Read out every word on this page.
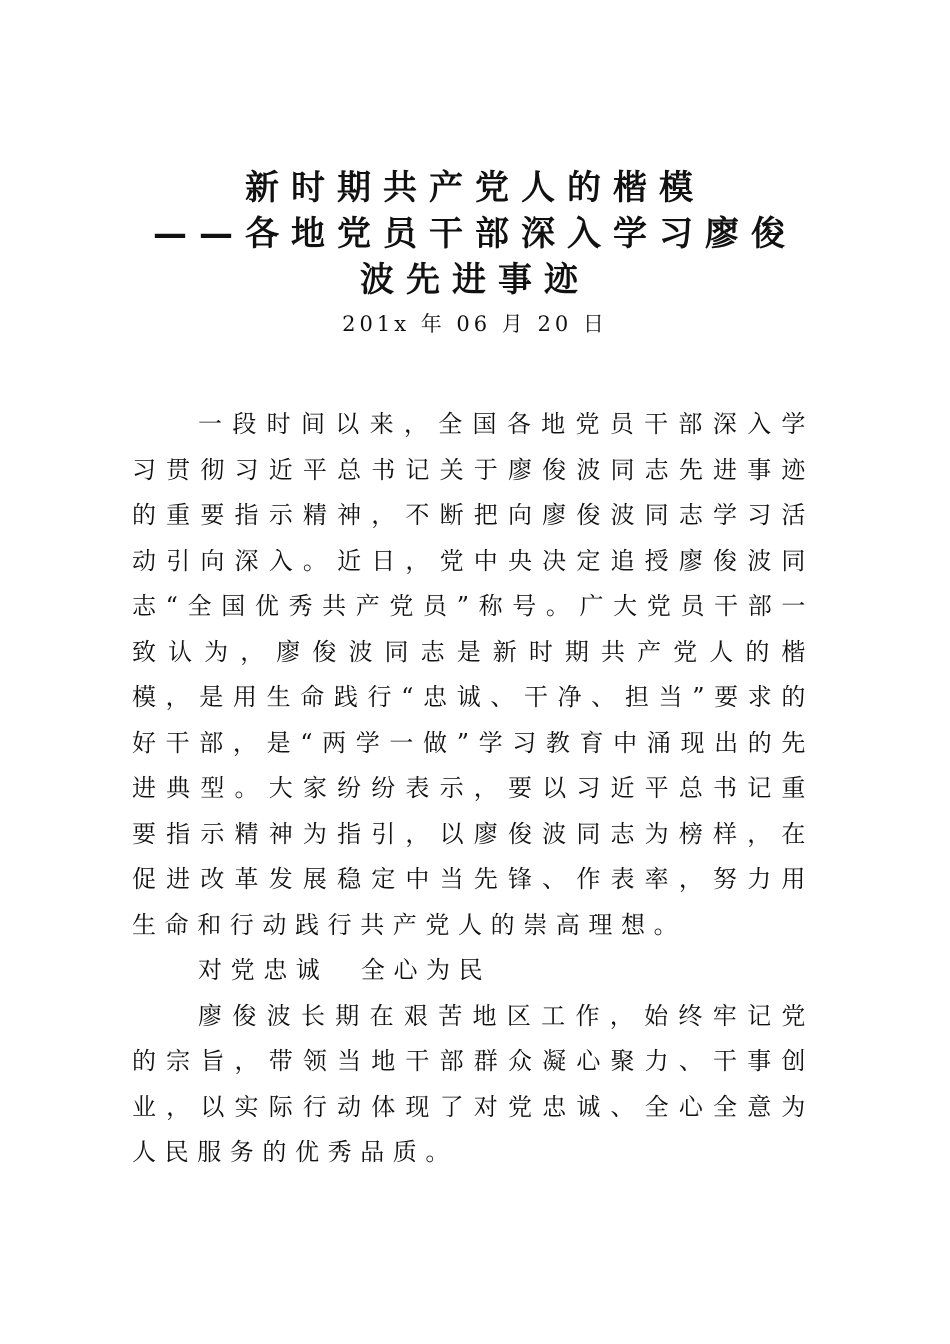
新时期共产党人的楷模
——各地党员干部深入学习廖俊
波先进事迹
201x 年 06 月 20 日

一段时间以来，全国各地党员干部深入学习贯彻习近平总书记关于廖俊波同志先进事迹的重要指示精神，不断把向廖俊波同志学习活动引向深入。近日，党中央决定追授廖俊波同志“全国优秀共产党员”称号。广大党员干部一致认为，廖俊波同志是新时期共产党人的楷模，是用生命践行“忠诚、干净、担当”要求的好干部，是“两学一做”学习教育中涌现出的先进典型。大家纷纷表示，要以习近平总书记重要指示精神为指引，以廖俊波同志为榜样，在促进改革发展稳定中当先锋、作表率，努力用生命和行动践行共产党人的崇高理想。

对党忠诚  全心为民

廖俊波长期在艰苦地区工作，始终牢记党的宗旨，带领当地干部群众凝心聚力、干事创业，以实际行动体现了对党忠诚、全心全意为人民服务的优秀品质。
